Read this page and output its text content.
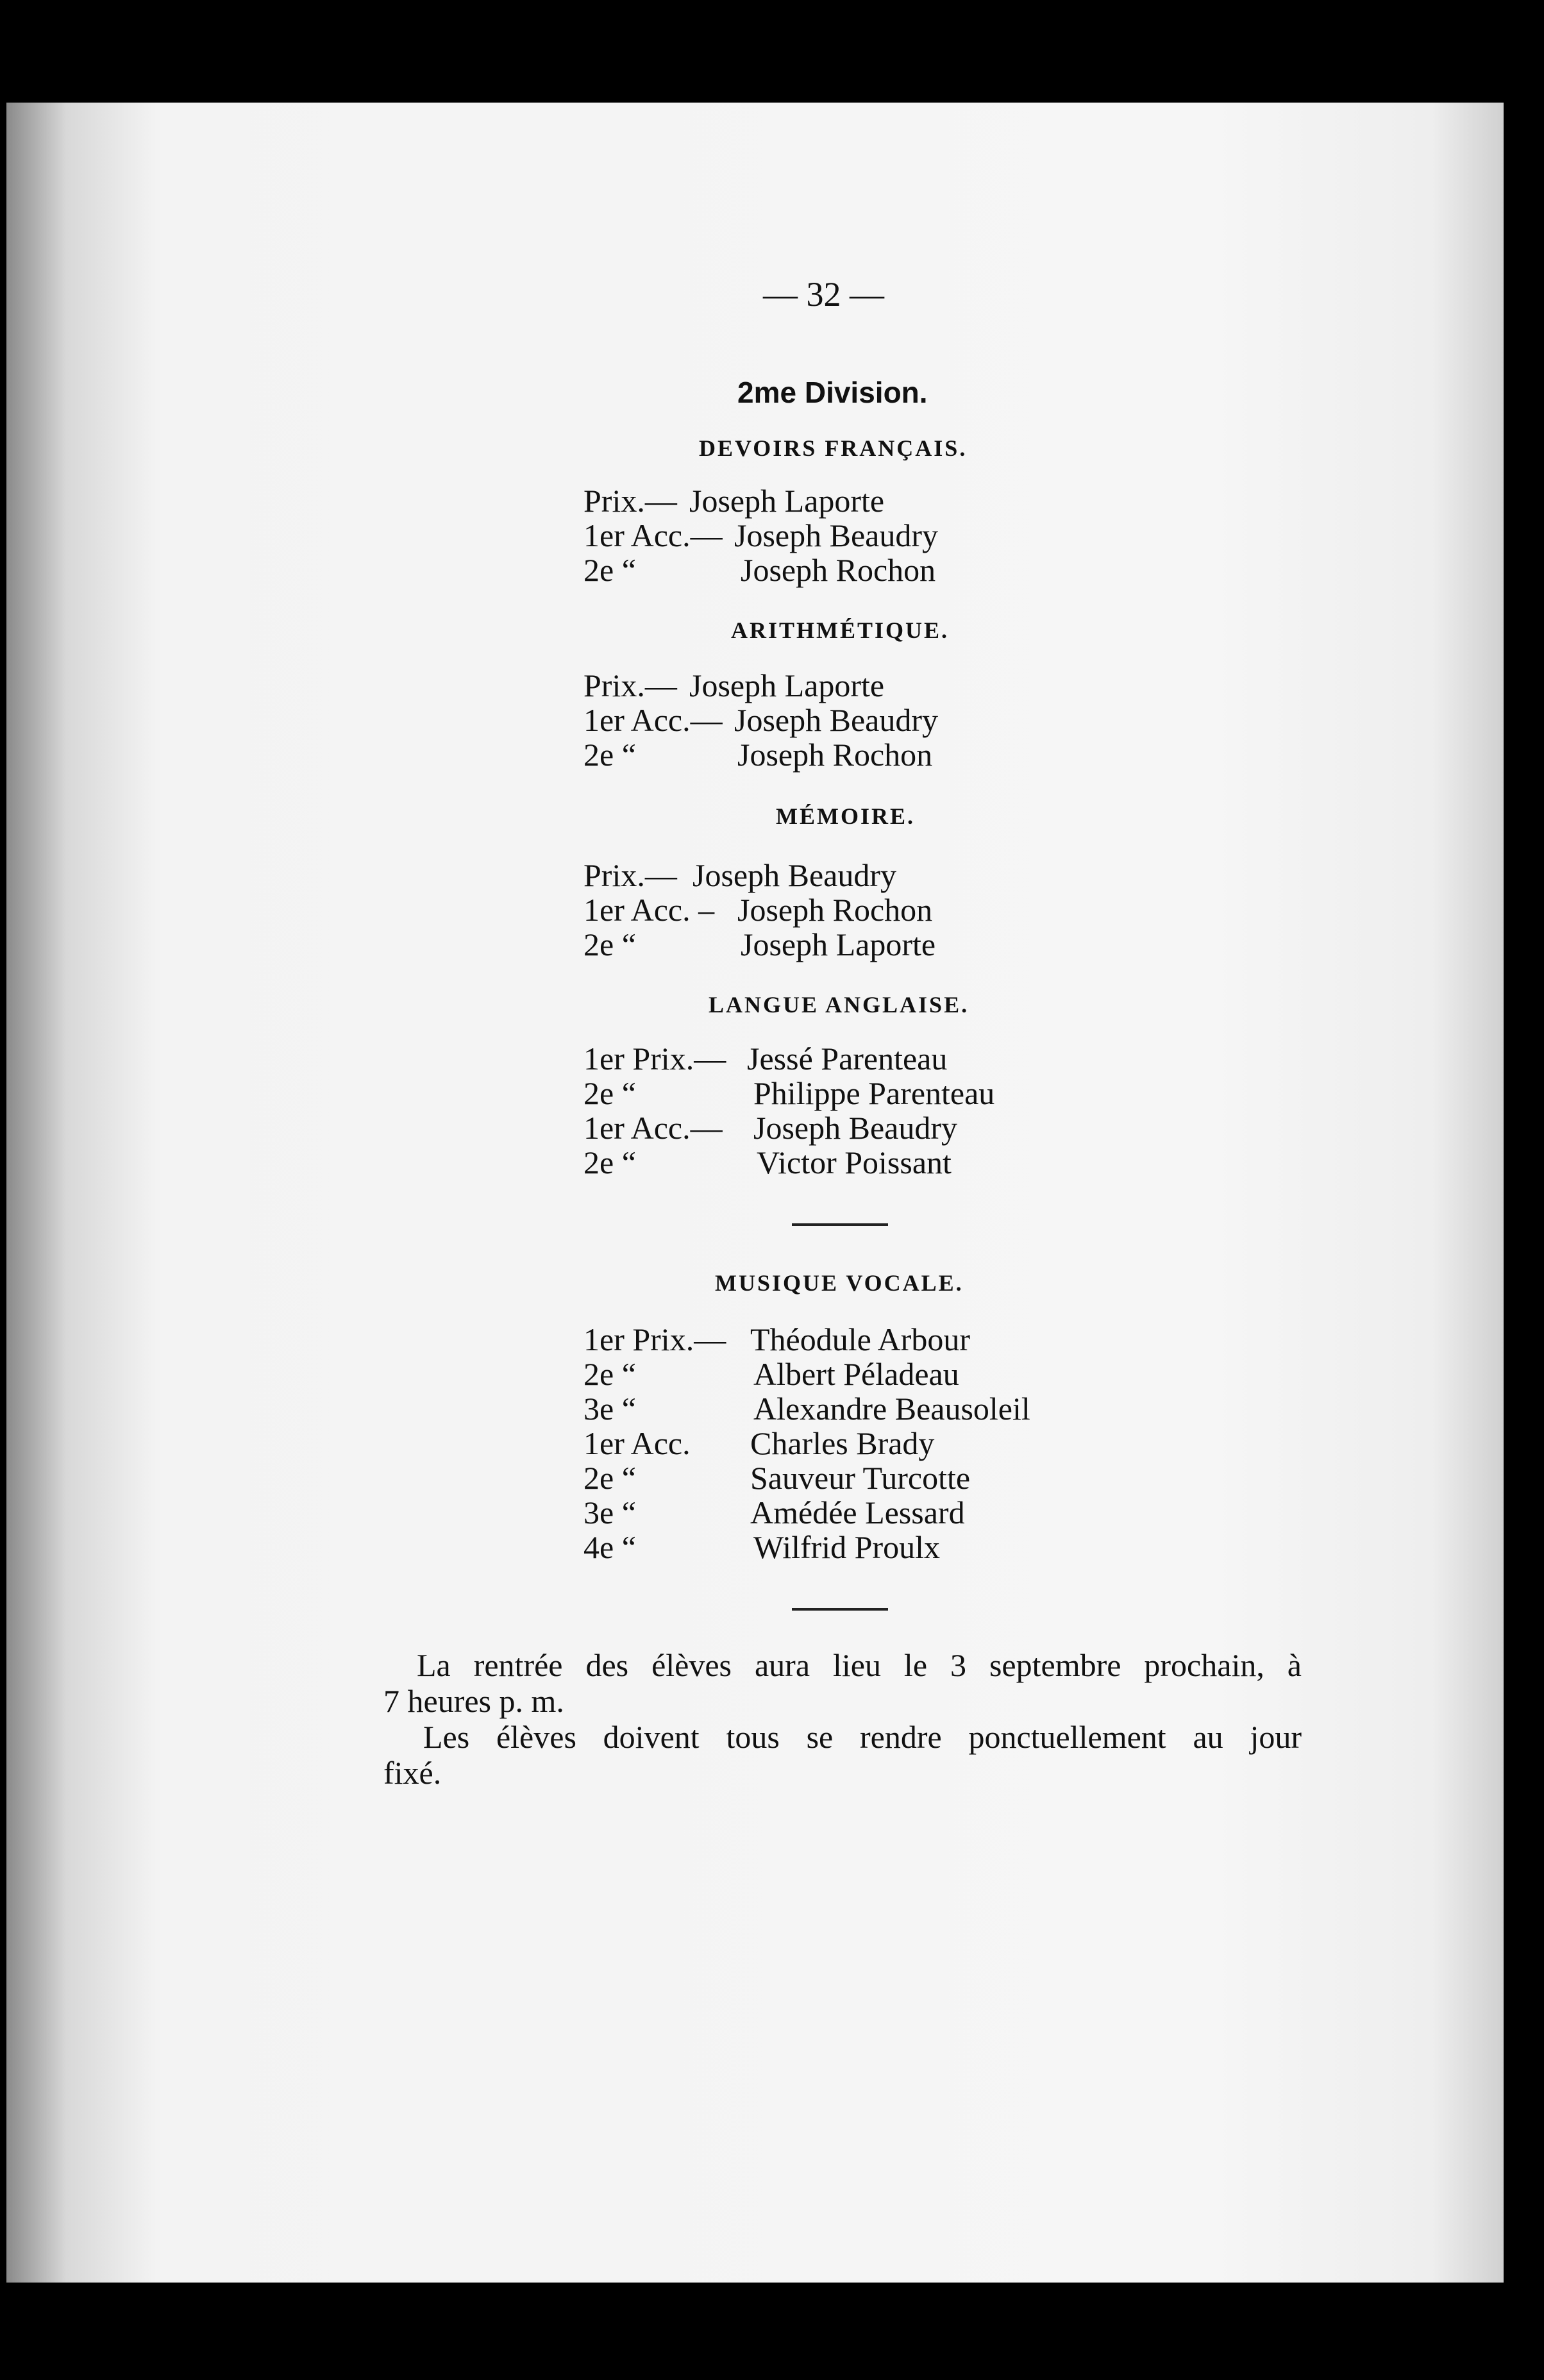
— 32 —
2me Division.
DEVOIRS FRANÇAIS.
Prix.— Joseph Laporte
1er Acc.— Joseph Beaudry
2e “	Joseph Rochon
ARITHMÉTIQUE.
Prix.— Joseph Laporte
1er Acc.— Joseph Beaudry
2e “	Joseph Rochon
MÉMOIRE.
Prix.— Joseph Beaudry
1er Acc. – Joseph Rochon
2e “	Joseph Laporte
LANGUE ANGLAISE.
1er Prix.— Jessé Parenteau
2e “	Philippe Parenteau
1er Acc.— Joseph Beaudry
2e “	Victor Poissant
MUSIQUE VOCALE.
1er Prix.— Théodule Arbour
2e “	Albert Péladeau
3e “	Alexandre Beausoleil
1er Acc. Charles Brady
2e “	Sauveur Turcotte
3e “	Amédée Lessard
4e “	Wilfrid Proulx
La rentrée des élèves aura lieu le 3 septembre prochain, à
7 heures p. m.
Les élèves doivent tous se rendre ponctuellement au jour
fixé.
